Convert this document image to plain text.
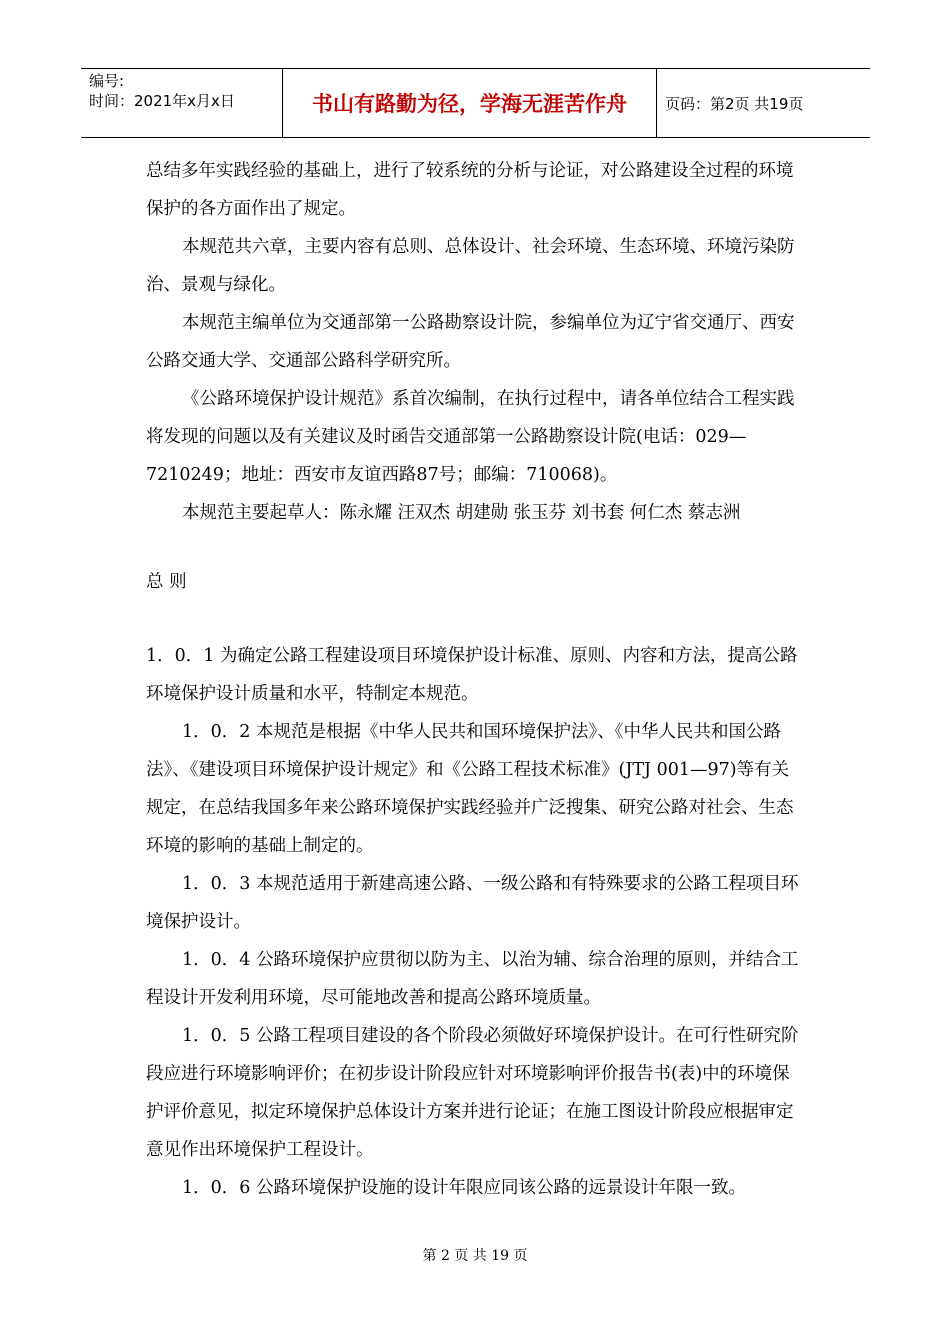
编号:
时间：2021年x月x日	书山有路勤为径，学海无涯苦作舟	页码：第2页 共19页

总结多年实践经验的基础上，进行了较系统的分析与论证，对公路建设全过程的环境保护的各方面作出了规定。

本规范共六章，主要内容有总则、总体设计、社会环境、生态环境、环境污染防治、景观与绿化。

本规范主编单位为交通部第一公路勘察设计院，参编单位为辽宁省交通厅、西安公路交通大学、交通部公路科学研究所。

《公路环境保护设计规范》系首次编制，在执行过程中，请各单位结合工程实践将发现的问题以及有关建议及时函告交通部第一公路勘察设计院(电话：029—7210249；地址：西安市友谊西路87号；邮编：710068)。

本规范主要起草人：陈永耀 汪双杰 胡建勋 张玉芬 刘书套 何仁杰 蔡志洲

总 则

1．0．1 为确定公路工程建设项目环境保护设计标准、原则、内容和方法，提高公路环境保护设计质量和水平，特制定本规范。

1．0．2 本规范是根据《中华人民共和国环境保护法》、《中华人民共和国公路法》、《建设项目环境保护设计规定》和《公路工程技术标准》(JTJ 001—97)等有关规定，在总结我国多年来公路环境保护实践经验并广泛搜集、研究公路对社会、生态环境的影响的基础上制定的。

1．0．3 本规范适用于新建高速公路、一级公路和有特殊要求的公路工程项目环境保护设计。

1．0．4 公路环境保护应贯彻以防为主、以治为辅、综合治理的原则，并结合工程设计开发利用环境，尽可能地改善和提高公路环境质量。

1．0．5 公路工程项目建设的各个阶段必须做好环境保护设计。在可行性研究阶段应进行环境影响评价；在初步设计阶段应针对环境影响评价报告书(表)中的环境保护评价意见，拟定环境保护总体设计方案并进行论证；在施工图设计阶段应根据审定意见作出环境保护工程设计。

1．0．6 公路环境保护设施的设计年限应同该公路的远景设计年限一致。

第 2 页 共 19 页
